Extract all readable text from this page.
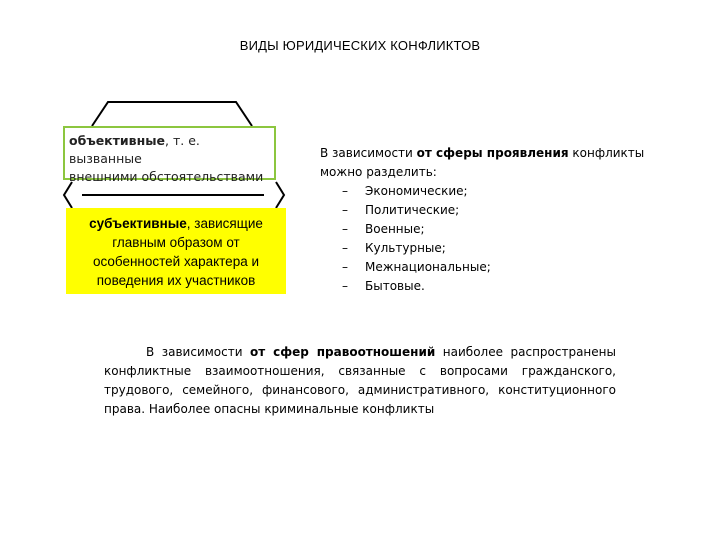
ВИДЫ ЮРИДИЧЕСКИХ КОНФЛИКТОВ
объективные, т. е. вызванные
внешними обстоятельствами
субъективные, зависящие
главным образом от
особенностей характера и
поведения их участников
В зависимости от сферы проявления конфликты
можно разделить:
– Экономические;
– Политические;
– Военные;
– Культурные;
– Межнациональные;
– Бытовые.
В зависимости от сфер правоотношений наиболее распространены конфликтные взаимоотношения, связанные с вопросами гражданского, трудового, семейного, финансового, административного, конституционного права. Наиболее опасны криминальные конфликты
